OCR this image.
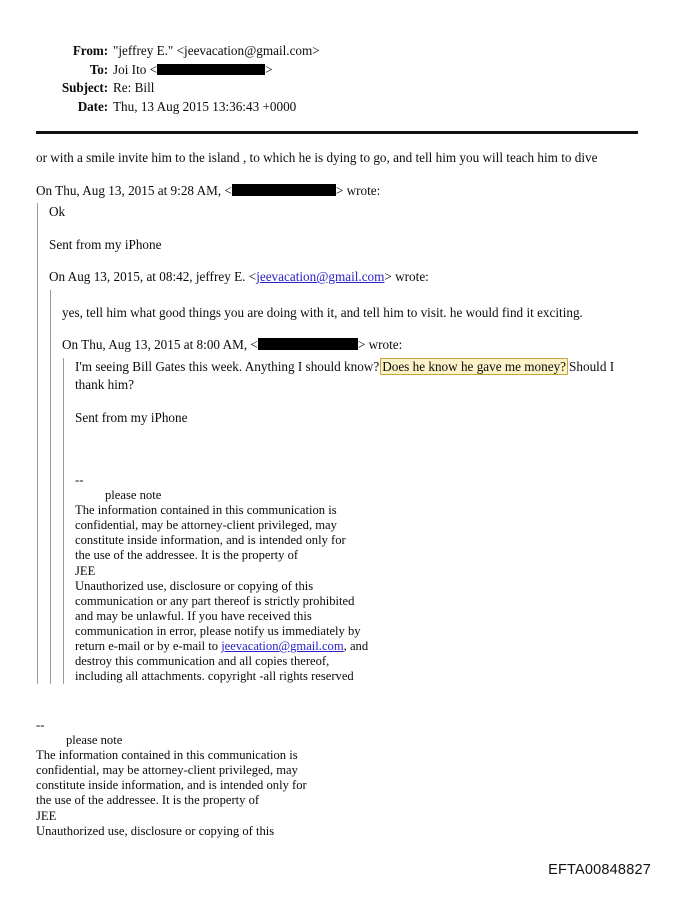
From: "jeffrey E." <jeevacation@gmail.com>
To: Joi Ito <	>
Subject: Re: Bill
Date: Thu, 13 Aug 2015 13:36:43 +0000

or with a smile invite him to the island , to which he is dying to go, and tell him you will teach him to dive

On Thu, Aug 13, 2015 at 9:28 AM, <	> wrote:

Ok

Sent from my iPhone

On Aug 13, 2015, at 08:42, jeffrey E. <jeevacation@gmail.com> wrote:

yes, tell him what good things you are doing with it, and tell him to visit. he would find it exciting.

On Thu, Aug 13, 2015 at 8:00 AM, <	> wrote:

I'm seeing Bill Gates this week. Anything I should know? Does he know he gave me money? Should I thank him?

Sent from my iPhone

--
please note
The information contained in this communication is
confidential, may be attorney-client privileged, may
constitute inside information, and is intended only for
the use of the addressee. It is the property of
JEE
Unauthorized use, disclosure or copying of this
communication or any part thereof is strictly prohibited
and may be unlawful. If you have received this
communication in error, please notify us immediately by
return e-mail or by e-mail to jeevacation@gmail.com, and
destroy this communication and all copies thereof,
including all attachments. copyright -all rights reserved
--
please note
The information contained in this communication is
confidential, may be attorney-client privileged, may
constitute inside information, and is intended only for
the use of the addressee. It is the property of
JEE
Unauthorized use, disclosure or copying of this
EFTA00848827
